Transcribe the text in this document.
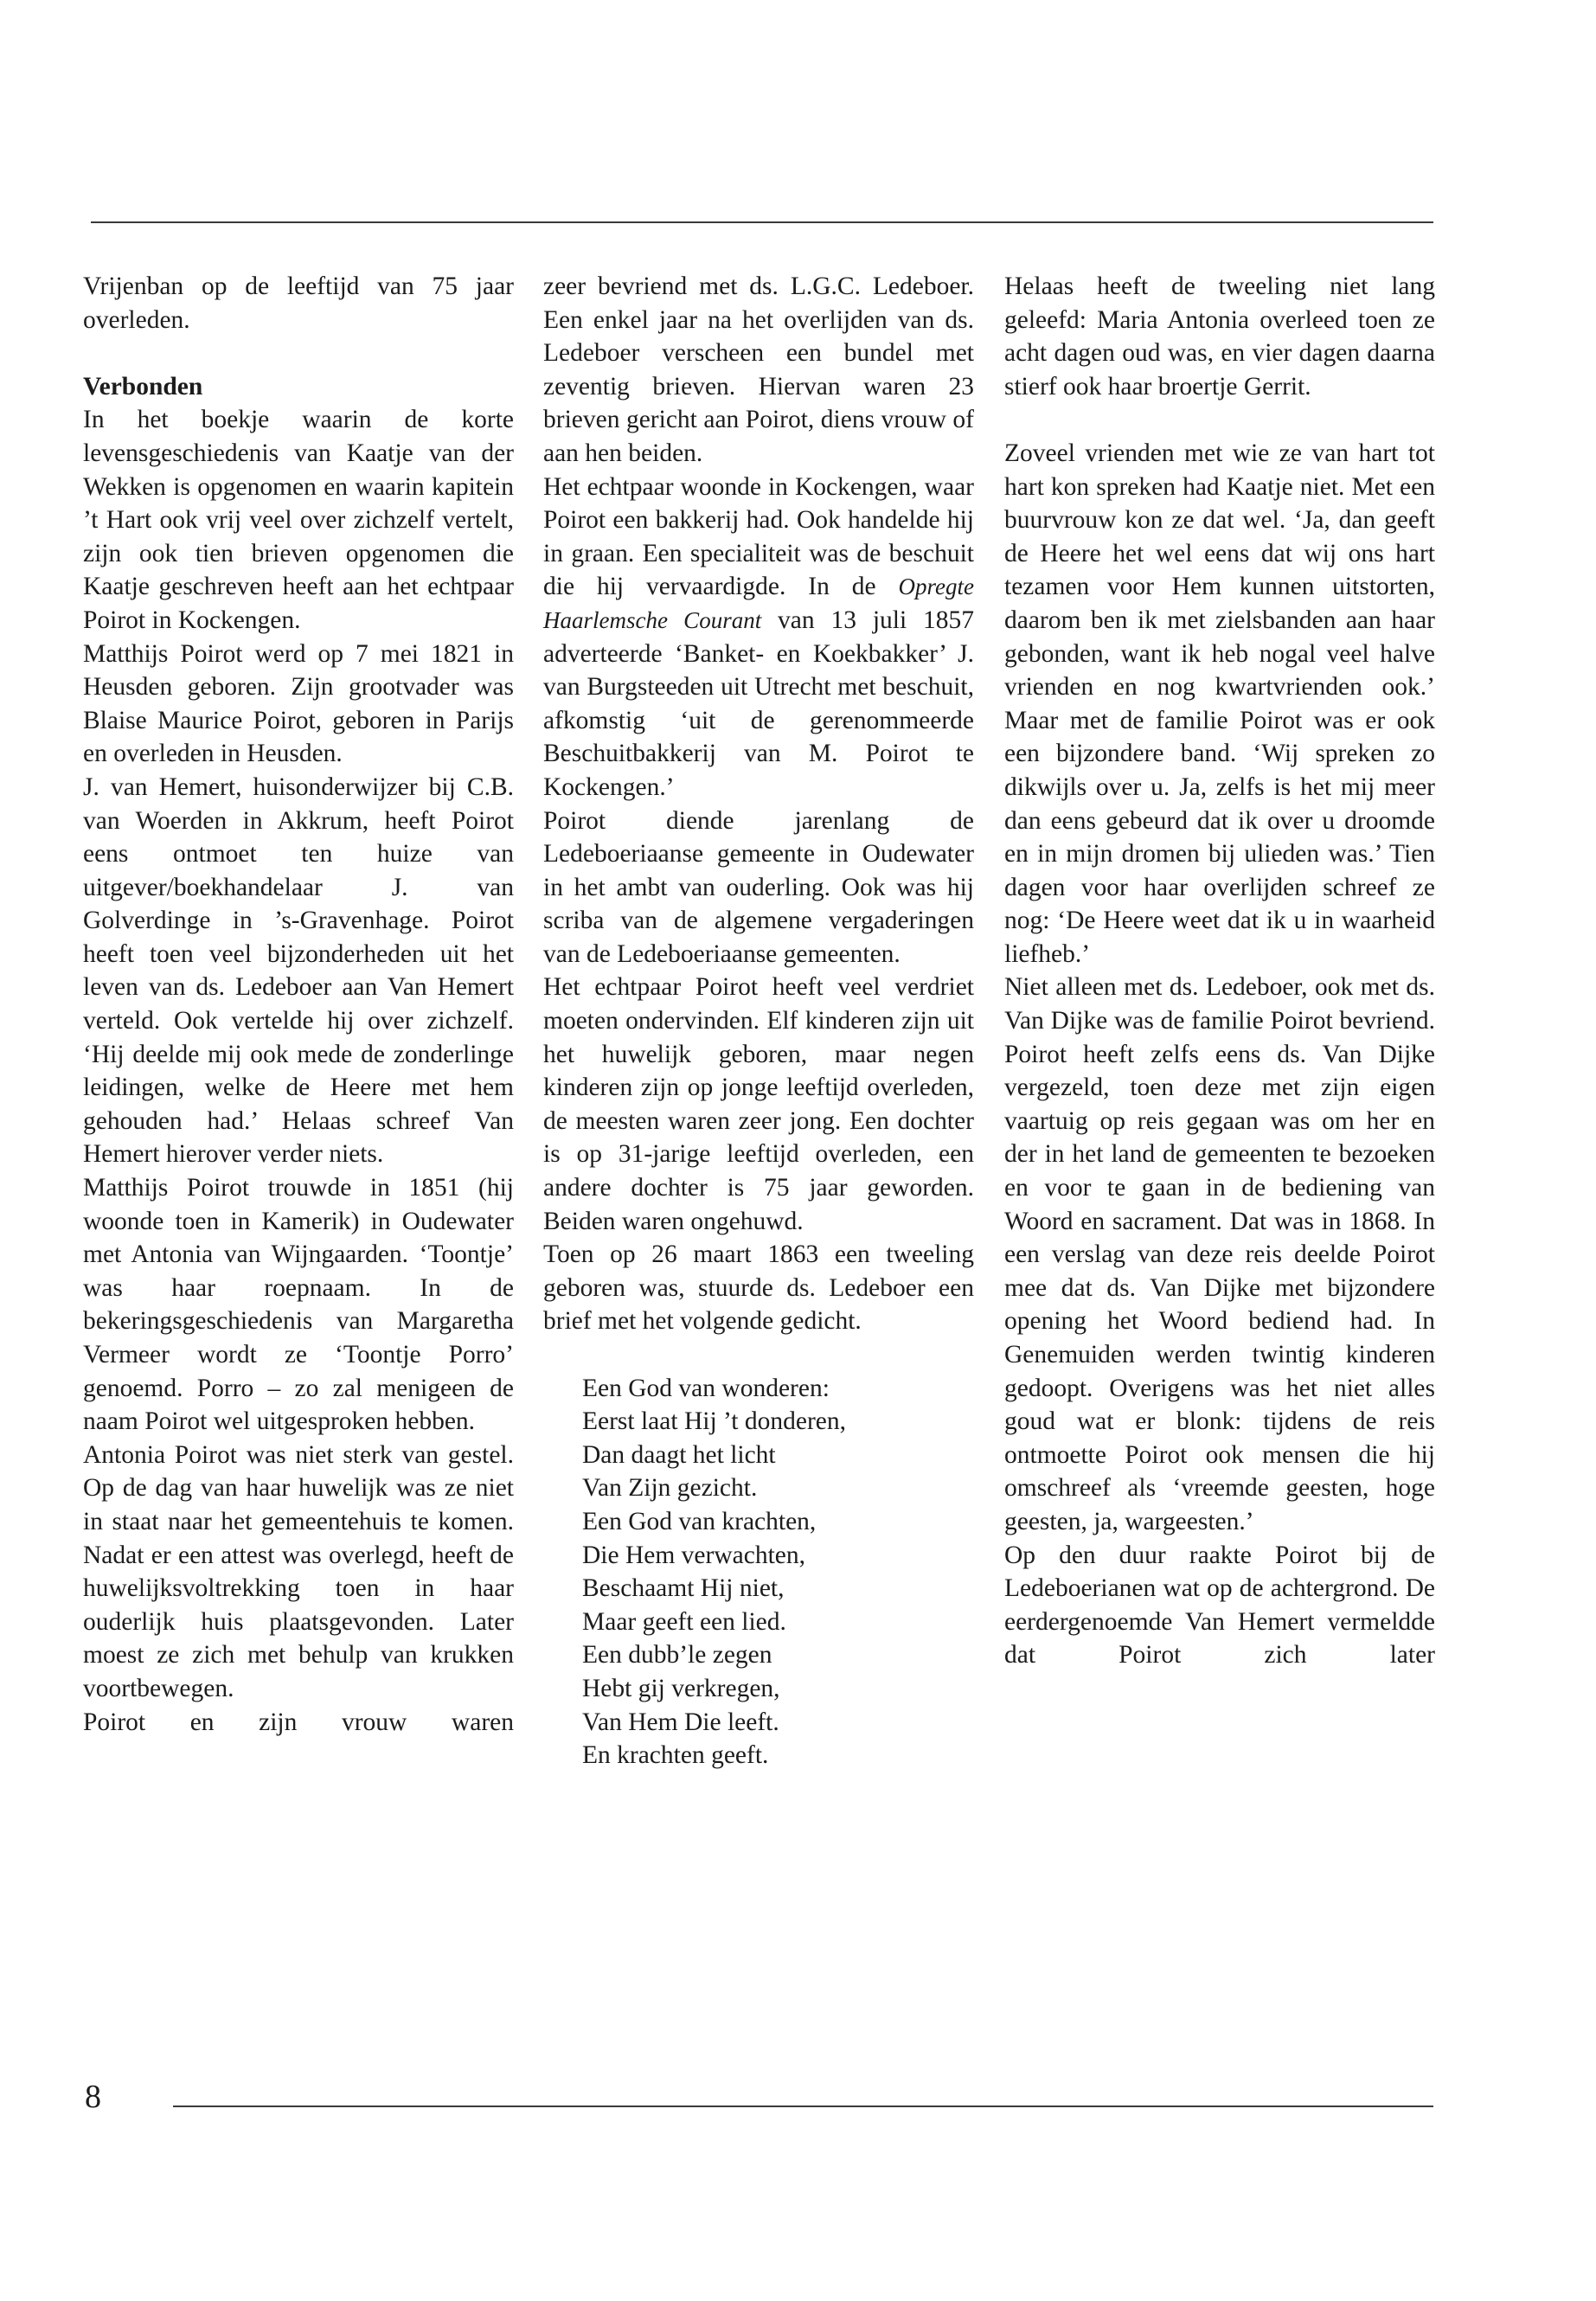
Vrijenban op de leeftijd van 75 jaar overleden.

Verbonden

In het boekje waarin de korte levensgeschiedenis van Kaatje van der Wekken is opgenomen en waarin kapitein ’t Hart ook vrij veel over zichzelf vertelt, zijn ook tien brieven opgenomen die Kaatje geschreven heeft aan het echtpaar Poirot in Kockengen.

Matthijs Poirot werd op 7 mei 1821 in Heusden geboren. Zijn grootvader was Blaise Maurice Poirot, geboren in Parijs en overleden in Heusden.

J. van Hemert, huisonderwijzer bij C.B. van Woerden in Akkrum, heeft Poirot eens ontmoet ten huize van uitgever/boekhandelaar J. van Golverdinge in ’s-Gravenhage. Poirot heeft toen veel bijzonderheden uit het leven van ds. Ledeboer aan Van Hemert verteld. Ook vertelde hij over zichzelf. ‘Hij deelde mij ook mede de zonderlinge leidingen, welke de Heere met hem gehouden had.’ Helaas schreef Van Hemert hierover verder niets.

Matthijs Poirot trouwde in 1851 (hij woonde toen in Kamerik) in Oudewater met Antonia van Wijngaarden. ‘Toontje’ was haar roepnaam. In de bekeringsgeschiedenis van Margaretha Vermeer wordt ze ‘Toontje Porro’ genoemd. Porro – zo zal menigeen de naam Poirot wel uitgesproken hebben.

Antonia Poirot was niet sterk van gestel. Op de dag van haar huwelijk was ze niet in staat naar het gemeentehuis te komen. Nadat er een attest was overlegd, heeft de huwelijksvoltrekking toen in haar ouderlijk huis plaatsgevonden. Later moest ze zich met behulp van krukken voortbewegen.

Poirot en zijn vrouw waren

zeer bevriend met ds. L.G.C. Ledeboer. Een enkel jaar na het overlijden van ds. Ledeboer verscheen een bundel met zeventig brieven. Hiervan waren 23 brieven gericht aan Poirot, diens vrouw of aan hen beiden.

Het echtpaar woonde in Kockengen, waar Poirot een bakkerij had. Ook handelde hij in graan. Een specialiteit was de beschuit die hij vervaardigde. In de Opregte Haarlemsche Courant van 13 juli 1857 adverteerde ‘Banket- en Koekbakker’ J. van Burgsteeden uit Utrecht met beschuit, afkomstig ‘uit de gerenommeerde Beschuitbakkerij van M. Poirot te Kockengen.’

Poirot diende jarenlang de Ledeboeriaanse gemeente in Oudewater in het ambt van ouderling. Ook was hij scriba van de algemene vergaderingen van de Ledeboeriaanse gemeenten.

Het echtpaar Poirot heeft veel verdriet moeten ondervinden. Elf kinderen zijn uit het huwelijk geboren, maar negen kinderen zijn op jonge leeftijd overleden, de meesten waren zeer jong. Een dochter is op 31-jarige leeftijd overleden, een andere dochter is 75 jaar geworden. Beiden waren ongehuwd.

Toen op 26 maart 1863 een tweeling geboren was, stuurde ds. Ledeboer een brief met het volgende gedicht.

Een God van wonderen:
Eerst laat Hij ’t donderen,
Dan daagt het licht
Van Zijn gezicht.
Een God van krachten,
Die Hem verwachten,
Beschaamt Hij niet,
Maar geeft een lied.
Een dubb’le zegen
Hebt gij verkregen,
Van Hem Die leeft.
En krachten geeft.

Helaas heeft de tweeling niet lang geleefd: Maria Antonia overleed toen ze acht dagen oud was, en vier dagen daarna stierf ook haar broertje Gerrit.

Zoveel vrienden met wie ze van hart tot hart kon spreken had Kaatje niet. Met een buurvrouw kon ze dat wel. ‘Ja, dan geeft de Heere het wel eens dat wij ons hart tezamen voor Hem kunnen uitstorten, daarom ben ik met zielsbanden aan haar gebonden, want ik heb nogal veel halve vrienden en nog kwartvrienden ook.’ Maar met de familie Poirot was er ook een bijzondere band. ‘Wij spreken zo dikwijls over u. Ja, zelfs is het mij meer dan eens gebeurd dat ik over u droomde en in mijn dromen bij ulieden was.’ Tien dagen voor haar overlijden schreef ze nog: ‘De Heere weet dat ik u in waarheid liefheb.’

Niet alleen met ds. Ledeboer, ook met ds. Van Dijke was de familie Poirot bevriend. Poirot heeft zelfs eens ds. Van Dijke vergezeld, toen deze met zijn eigen vaartuig op reis gegaan was om her en der in het land de gemeenten te bezoeken en voor te gaan in de bediening van Woord en sacrament. Dat was in 1868. In een verslag van deze reis deelde Poirot mee dat ds. Van Dijke met bijzondere opening het Woord bediend had. In Genemuiden werden twintig kinderen gedoopt. Overigens was het niet alles goud wat er blonk: tijdens de reis ontmoette Poirot ook mensen die hij omschreef als ‘vreemde geesten, hoge geesten, ja, wargeesten.’

Op den duur raakte Poirot bij de Ledeboerianen wat op de achtergrond. De eerdergenoemde Van Hemert vermeldde dat Poirot zich later

8
